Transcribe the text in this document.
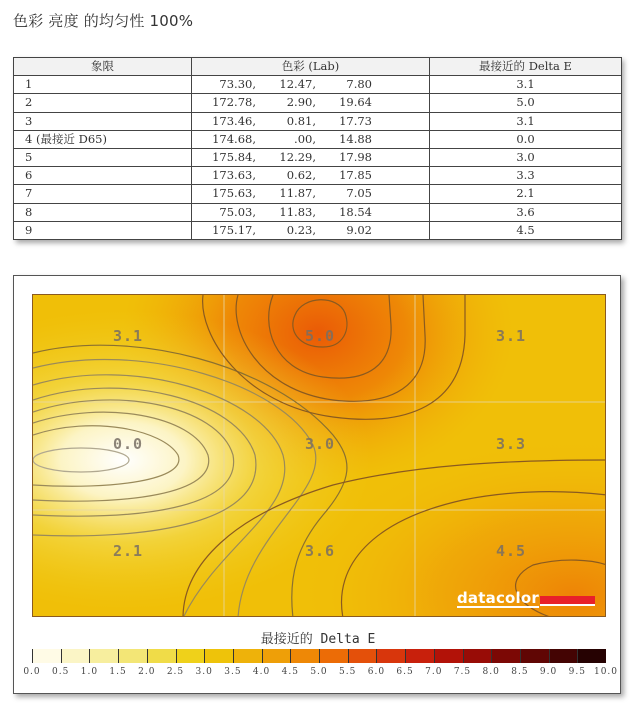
色彩 亮度 的均匀性 100%
象限	色彩 (Lab)	最接近的 Delta E
1	73.30, 12.47, 7.80	3.1
2	172.78, 2.90, 19.64	5.0
3	173.46, 0.81, 17.73	3.1
4 (最接近 D65)	174.68, .00, 14.88	0.0
5	175.84, 12.29, 17.98	3.0
6	173.63, 0.62, 17.85	3.3
7	175.63, 11.87, 7.05	2.1
8	75.03, 11.83, 18.54	3.6
9	175.17, 0.23, 9.02	4.5
3.1	5.0	3.1
0.0	3.0	3.3
2.1	3.6	4.5
datacolor
最接近的 Delta E
0.0 0.5 1.0 1.5 2.0 2.5 3.0 3.5 4.0 4.5 5.0 5.5 6.0 6.5 7.0 7.5 8.0 8.5 9.0 9.5 10.0
